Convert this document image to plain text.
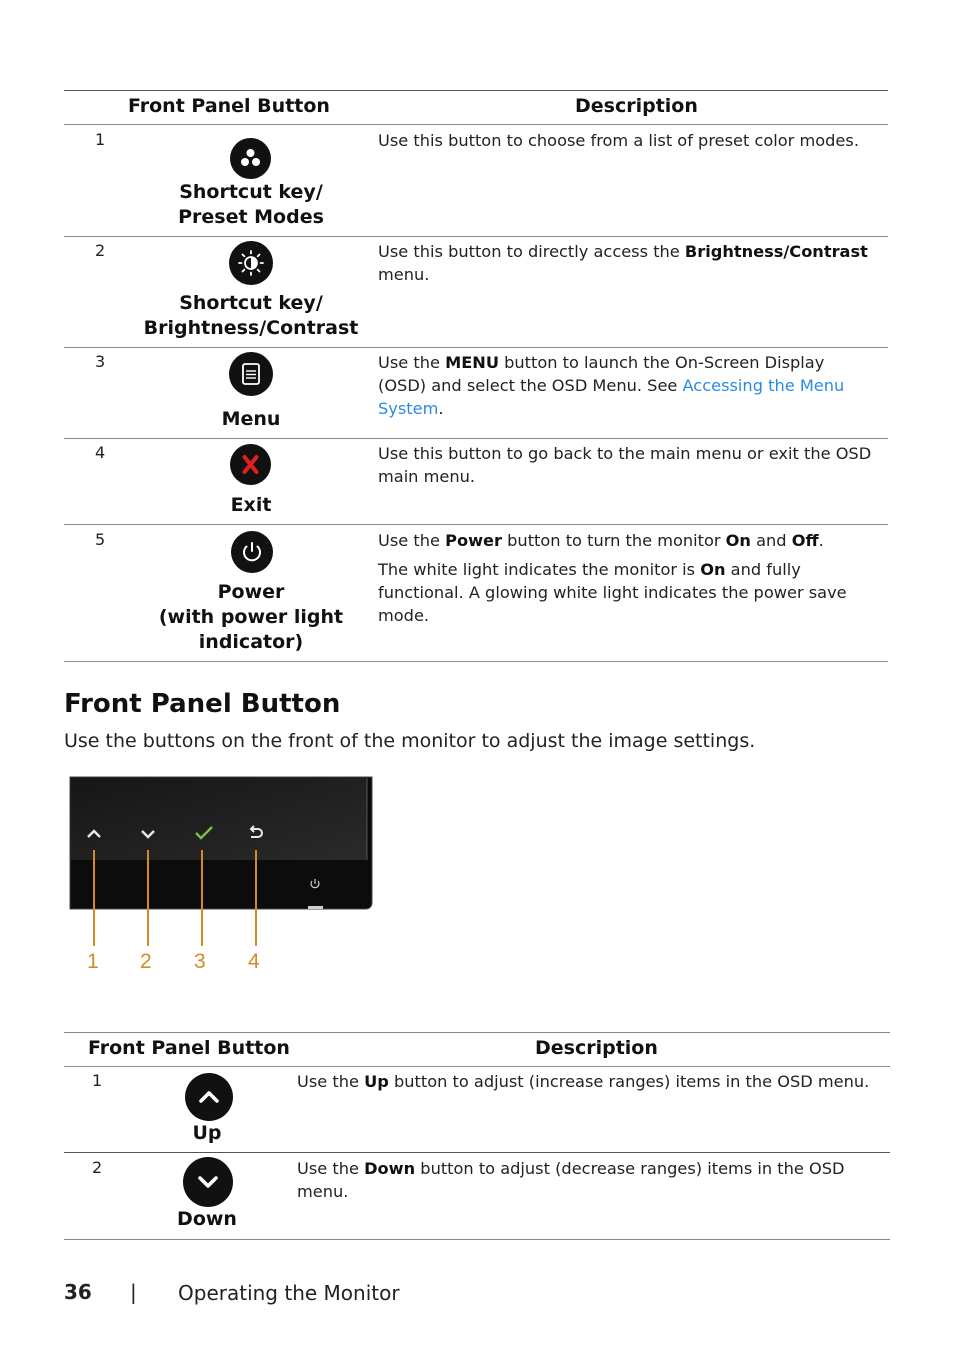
Front Panel Button	Description
1
Shortcut key/
Preset Modes
Use this button to choose from a list of preset color modes.
2
Shortcut key/
Brightness/Contrast
Use this button to directly access the Brightness/Contrast
menu.
3
Menu
Use the MENU button to launch the On-Screen Display
(OSD) and select the OSD Menu. See Accessing the Menu
System.
4
Exit
Use this button to go back to the main menu or exit the OSD
main menu.
5
Power
(with power light
indicator)
Use the Power button to turn the monitor On and Off.
The white light indicates the monitor is On and fully
functional. A glowing white light indicates the power save
mode.
Front Panel Button
Use the buttons on the front of the monitor to adjust the image settings.
1 2 3 4
Front Panel Button	Description
1
Up
Use the Up button to adjust (increase ranges) items in the OSD menu.
2
Down
Use the Down button to adjust (decrease ranges) items in the OSD
menu.
36 | Operating the Monitor
